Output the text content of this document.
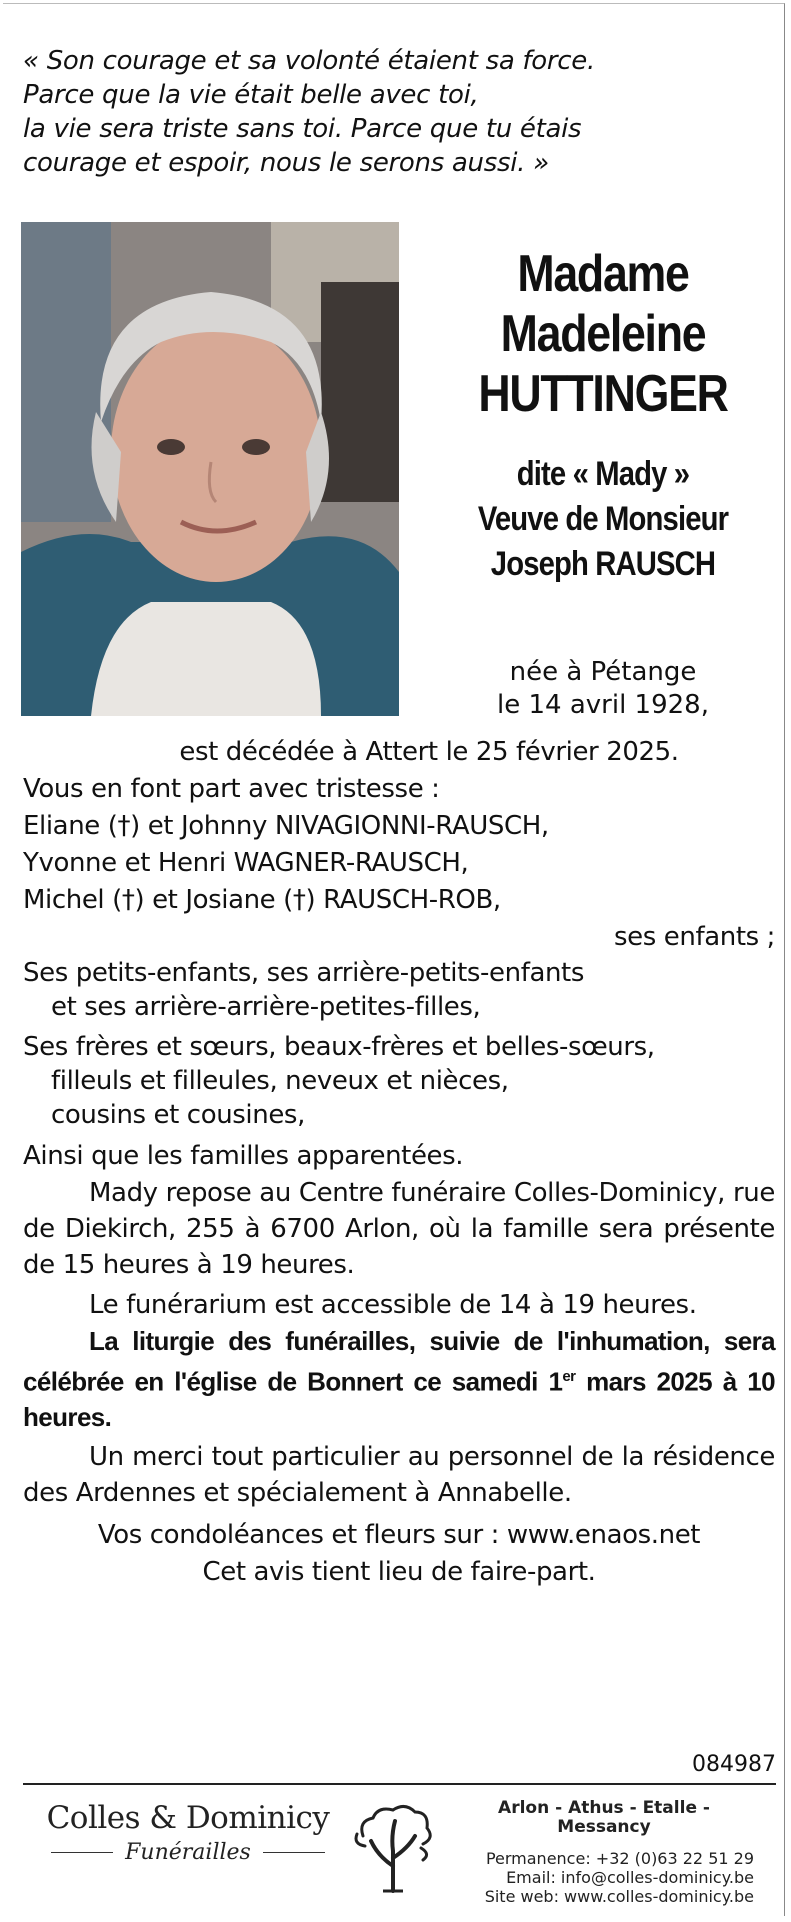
« Son courage et sa volonté étaient sa force.
Parce que la vie était belle avec toi,
la vie sera triste sans toi. Parce que tu étais
courage et espoir, nous le serons aussi. »
Madame
Madeleine
HUTTINGER
dite « Mady »
Veuve de Monsieur
Joseph RAUSCH
née à Pétange
le 14 avril 1928,

est décédée à Attert le 25 février 2025.

Vous en font part avec tristesse :

Eliane (†) et Johnny NIVAGIONNI-RAUSCH,

Yvonne et Henri WAGNER-RAUSCH,

Michel (†) et Josiane (†) RAUSCH-ROB,

ses enfants ;

Ses petits-enfants, ses arrière-petits-enfants

et ses arrière-arrière-petites-filles,

Ses frères et sœurs, beaux-frères et belles-sœurs,

filleuls et filleules, neveux et nièces,

cousins et cousines,

Ainsi que les familles apparentées.

Mady repose au Centre funéraire Colles-Dominicy, rue de Diekirch, 255 à 6700 Arlon, où la famille sera présente de 15 heures à 19 heures.

Le funérarium est accessible de 14 à 19 heures.

La liturgie des funérailles, suivie de l'inhumation, sera célébrée en l'église de Bonnert ce samedi 1er mars 2025 à 10 heures.

Un merci tout particulier au personnel de la résidence des Ardennes et spécialement à Annabelle.

Vos condoléances et fleurs sur : www.enaos.net

Cet avis tient lieu de faire-part.

084987
Colles & Dominicy
Funérailles
Arlon - Athus - Etalle - Messancy
Permanence: +32 (0)63 22 51 29
Email: info@colles-dominicy.be
Site web: www.colles-dominicy.be
